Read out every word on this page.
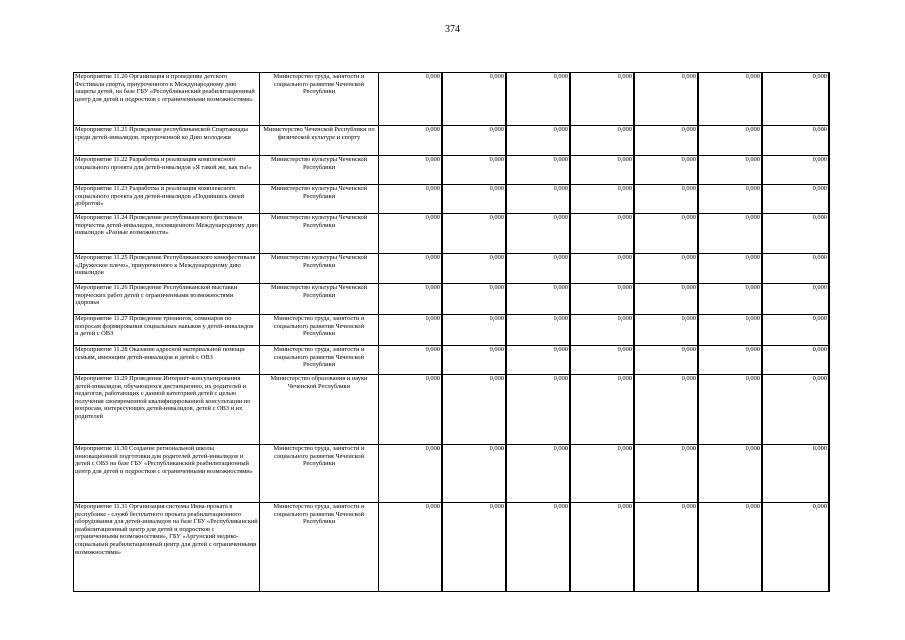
374
Мероприятие 11.20 Организация и проведение детского Фестиваля спорта, приуроченного к Международному дню защиты детей, на базе ГБУ «Республиканский реабилитационный центр для детей и подростков с ограниченными возможностями»	Министерство труда, занятости и социального развития Чеченской Республики	0,000	0,000	0,000	0,000	0,000	0,000	0,000
Мероприятие 11.21 Проведение республиканской Спартакиады среди детей-инвалидов, приуроченной ко Дню молодежи	Министерство Чеченской Республики по физической культуре и спорту	0,000	0,000	0,000	0,000	0,000	0,000	0,000
Мероприятие 11.22 Разработка и реализация комплексного социального проекта для детей-инвалидов «Я такой же, как ты!»	Министерство культуры Чеченской Республики	0,000	0,000	0,000	0,000	0,000	0,000	0,000
Мероприятие 11.23 Разработка и реализация комплексного социального проекта для детей-инвалидов «Подпишись своей добротой»	Министерство культуры Чеченской Республики	0,000	0,000	0,000	0,000	0,000	0,000	0,000
Мероприятие 11.24 Проведение республиканского фестиваля творчества детей-инвалидов, посвященного Международному дню инвалидов «Разные возможности»	Министерство культуры Чеченской Республики	0,000	0,000	0,000	0,000	0,000	0,000	0,000
Мероприятие 11.25 Проведение Республиканского кинофестиваля «Дружеское плечо», приуроченного к Международному дню инвалидов	Министерство культуры Чеченской Республики	0,000	0,000	0,000	0,000	0,000	0,000	0,000
Мероприятие 11.26 Проведение Республиканской выставки творческих работ детей с ограниченными возможностями здоровья	Министерство культуры Чеченской Республики	0,000	0,000	0,000	0,000	0,000	0,000	0,000
Мероприятие 11.27 Проведение тренингов, семинаров по вопросам формирования социальных навыков у детей-инвалидов и детей с ОВЗ	Министерство труда, занятости и социального развития Чеченской Республики	0,000	0,000	0,000	0,000	0,000	0,000	0,000
Мероприятие 11.28 Оказание адресной материальной помощи семьям, имеющим детей-инвалидов и детей с ОВЗ	Министерство труда, занятости и социального развития Чеченской Республики	0,000	0,000	0,000	0,000	0,000	0,000	0,000
Мероприятие 11.29 Проведение Интернет-консультирования детей-инвалидов, обучающихся дистанционно, их родителей и педагогов, работающих с данной категорией детей с целью получения своевременной квалифицированной консультации по вопросам, интересующих детей-инвалидов, детей с ОВЗ и их родителей	Министерство образования и науки Чеченской Республики	0,000	0,000	0,000	0,000	0,000	0,000	0,000
Мероприятие 11.30 Создание региональной школы инновационной подготовки для родителей детей-инвалидов и детей с ОВЗ на базе ГБУ «Республиканский реабилитационный центр для детей и подростков с ограниченными возможностями»	Министерство труда, занятости и социального развития Чеченской Республики	0,000	0,000	0,000	0,000	0,000	0,000	0,000
Мероприятие 11.31 Организация системы Инва-проката в республике - служб бесплатного проката реабилитационного оборудования для детей-инвалидов на базе ГБУ «Республиканский реабилитационный центр для детей и подростков с ограниченными возможностями», ГБУ «Аргунский медико-социальный реабилитационный центр для детей с ограниченными возможностями»	Министерство труда, занятости и социального развития Чеченской Республики	0,000	0,000	0,000	0,000	0,000	0,000	0,000
